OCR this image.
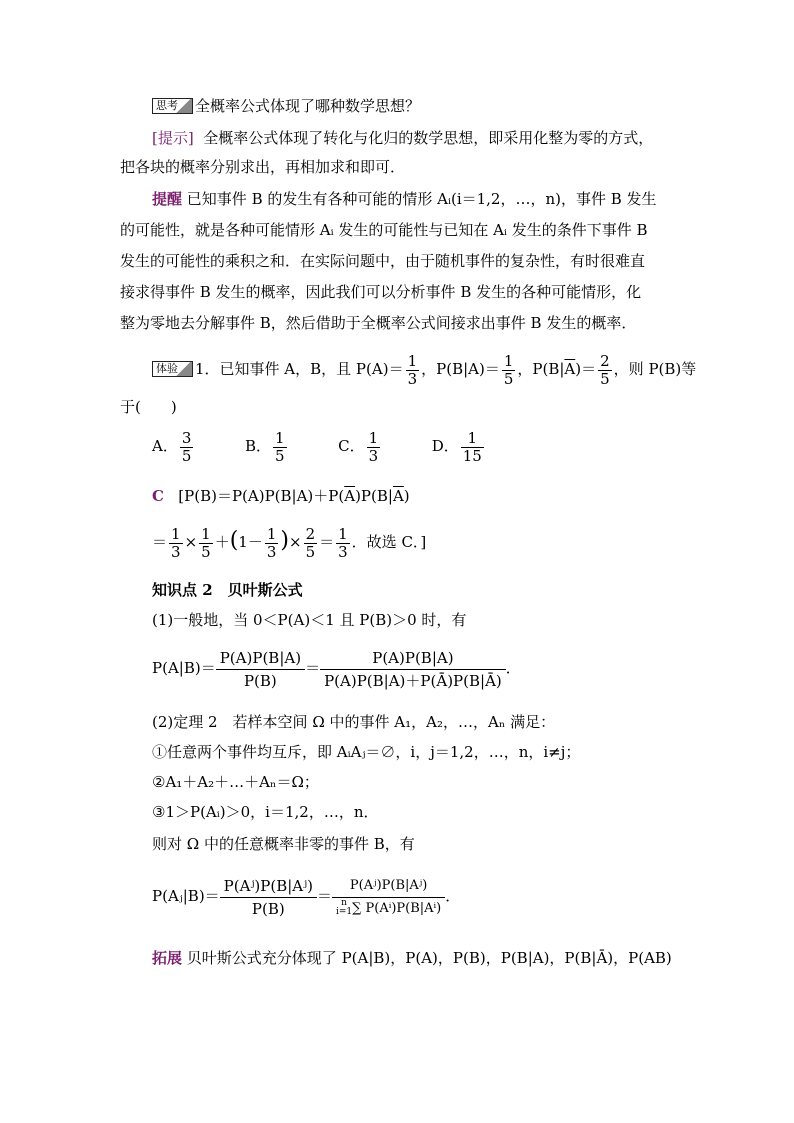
思考 全概率公式体现了哪种数学思想？
[提示] 全概率公式体现了转化与化归的数学思想，即采用化整为零的方式，
把各块的概率分别求出，再相加求和即可．
提醒 已知事件 B 的发生有各种可能的情形 Aᵢ(i＝1,2，…，n)，事件 B 发生
的可能性，就是各种可能情形 Aᵢ 发生的可能性与已知在 Aᵢ 发生的条件下事件 B
发生的可能性的乘积之和．在实际问题中，由于随机事件的复杂性，有时很难直
接求得事件 B 发生的概率，因此我们可以分析事件 B 发生的各种可能情形，化
整为零地去分解事件 B，然后借助于全概率公式间接求出事件 B 发生的概率．
体验 1．已知事件 A，B，且 $P(A)= \frac{1}{3}$ ，$P(B|A)= \frac{1}{5}$ ，$P(B|\overline{A})= \frac{2}{5}$ ，则 P(B)等
于(　　)
A． $\frac{3}{5}$	B． $\frac{1}{5}$	C． $\frac{1}{3}$	D． $\frac{1}{15}$
C [$P(B)=P(A)P(B|A)+P(\overline{A})P(B|\overline{A})$
＝ $\frac{1}{3} \times \frac{1}{5} +(1- \frac{1}{3}$ )× $\frac{2}{5} = \frac{1}{3}$ ．故选 C．]
知识点 2　贝叶斯公式
(1)一般地，当 0＜P(A)＜1 且 P(B)＞0 时，有
$P(A|B)= \frac{P(A)P(B|A)}{P(B)} = \frac{P(A)P(B|A)}{P(A)P(B|A)+P(Ā)P(B|Ā)}$ ．
(2)定理 2　若样本空间 Ω 中的事件 A₁，A₂，…，Aₙ 满足：
①任意两个事件均互斥，即 AᵢAⱼ＝∅，i，j＝1,2，…，n，i≠j；
②A₁＋A₂＋…＋Aₙ＝Ω；
③1＞P(Aᵢ)＞0，i＝1,2，…，n．
则对 Ω 中的任意概率非零的事件 B，有
P(Aⱼ|B)＝ $\frac{\text{P(Aʲ)P(B|Aʲ)}}{P(B)}$ ＝ P(Aʲ)P(B|Aʲ)
n
i=1 ∑ P(Aⁱ)P(B|Aⁱ) ．
拓展 贝叶斯公式充分体现了 P(A|B)，P(A)，P(B)，P(B|A)，P(B|Ā)，P(AB)
